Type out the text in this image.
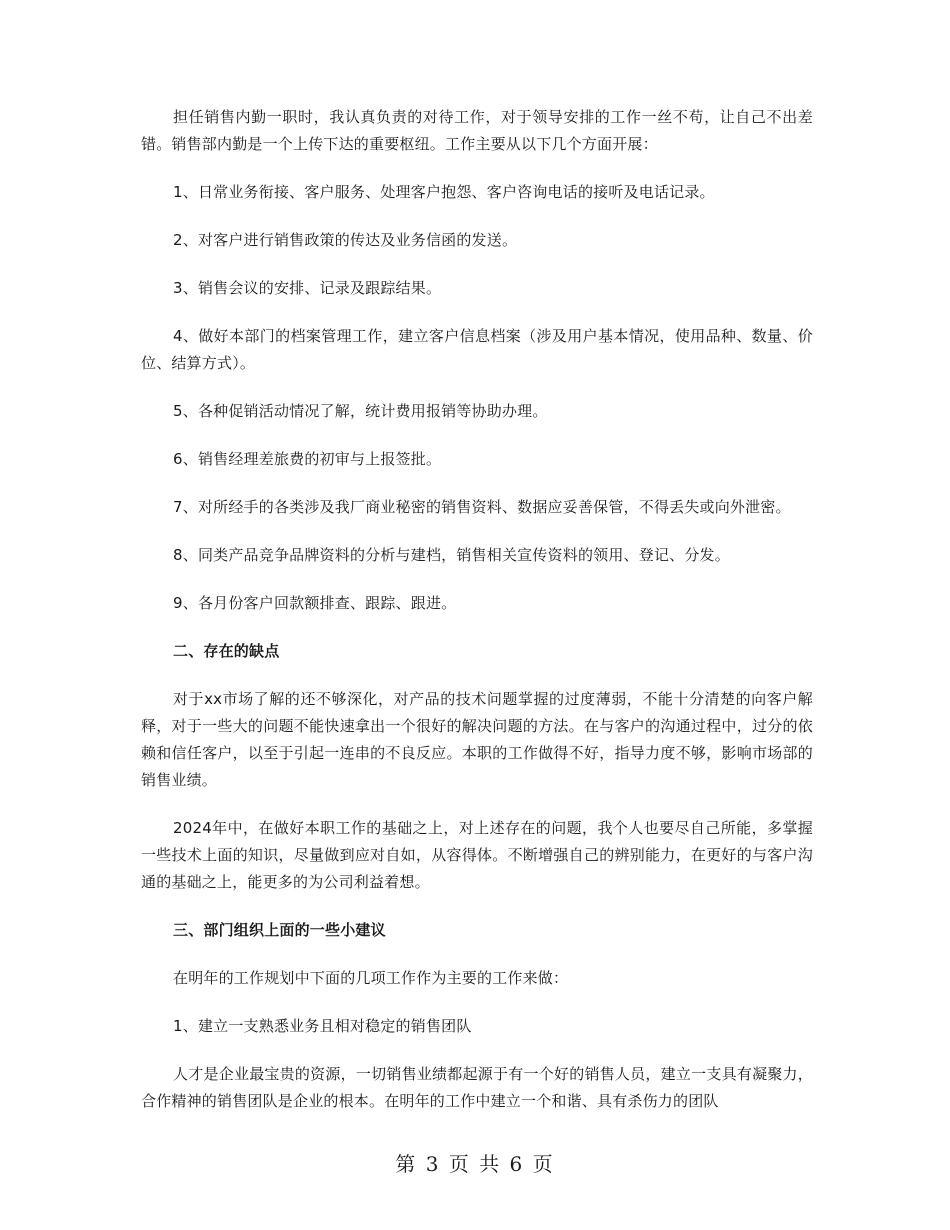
担任销售内勤一职时，我认真负责的对待工作，对于领导安排的工作一丝不苟，让自己不出差错。销售部内勤是一个上传下达的重要枢纽。工作主要从以下几个方面开展：

1、日常业务衔接、客户服务、处理客户抱怨、客户咨询电话的接听及电话记录。

2、对客户进行销售政策的传达及业务信函的发送。

3、销售会议的安排、记录及跟踪结果。

4、做好本部门的档案管理工作，建立客户信息档案（涉及用户基本情况，使用品种、数量、价位、结算方式）。

5、各种促销活动情况了解，统计费用报销等协助办理。

6、销售经理差旅费的初审与上报签批。

7、对所经手的各类涉及我厂商业秘密的销售资料、数据应妥善保管，不得丢失或向外泄密。

8、同类产品竞争品牌资料的分析与建档，销售相关宣传资料的领用、登记、分发。

9、各月份客户回款额排查、跟踪、跟进。

二、存在的缺点

对于xx市场了解的还不够深化，对产品的技术问题掌握的过度薄弱，不能十分清楚的向客户解释，对于一些大的问题不能快速拿出一个很好的解决问题的方法。在与客户的沟通过程中，过分的依赖和信任客户，以至于引起一连串的不良反应。本职的工作做得不好，指导力度不够，影响市场部的销售业绩。

2024年中，在做好本职工作的基础之上，对上述存在的问题，我个人也要尽自己所能，多掌握一些技术上面的知识，尽量做到应对自如，从容得体。不断增强自己的辨别能力，在更好的与客户沟通的基础之上，能更多的为公司利益着想。

三、部门组织上面的一些小建议

在明年的工作规划中下面的几项工作作为主要的工作来做：

1、建立一支熟悉业务且相对稳定的销售团队

人才是企业最宝贵的资源，一切销售业绩都起源于有一个好的销售人员，建立一支具有凝聚力，合作精神的销售团队是企业的根本。在明年的工作中建立一个和谐、具有杀伤力的团队

第 3 页 共 6 页
